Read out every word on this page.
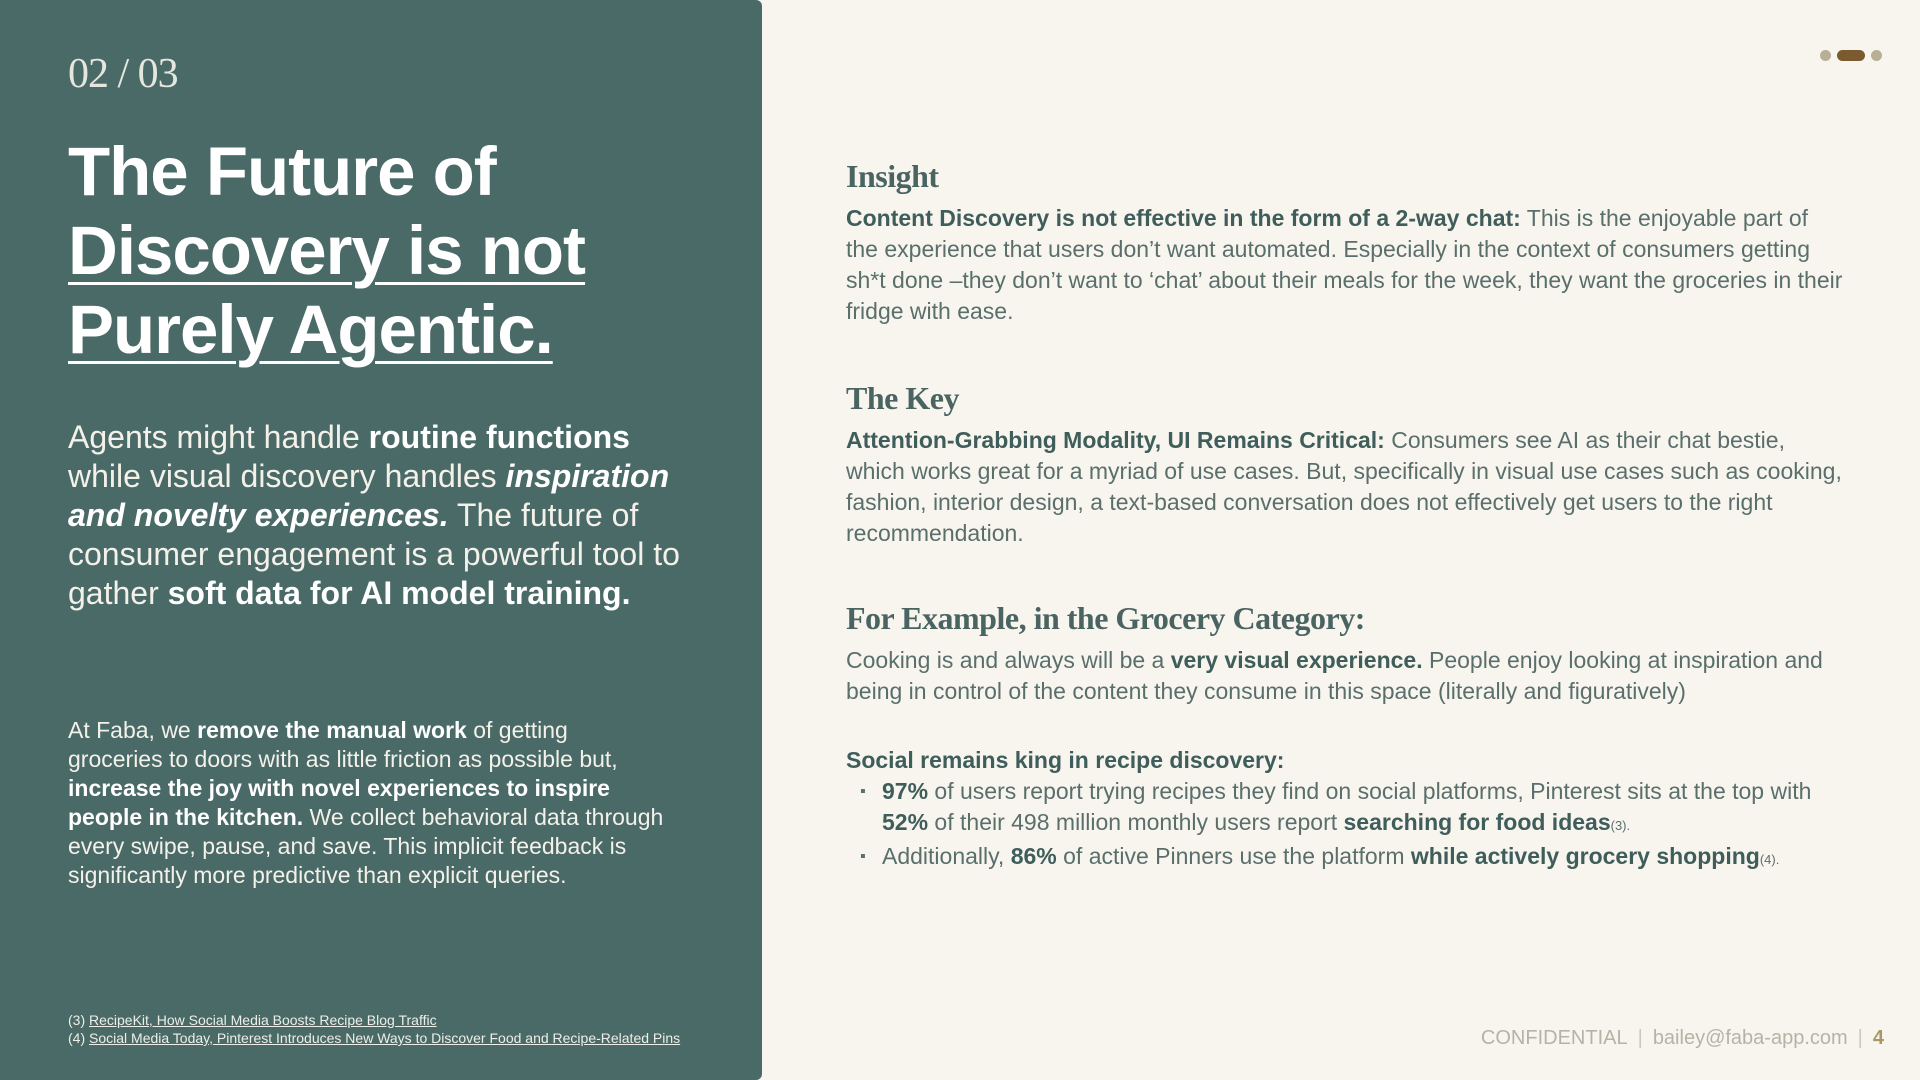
02 / 03
The Future of
Discovery is not
Purely Agentic.

Agents might handle routine functions while visual discovery handles inspiration and novelty experiences. The future of consumer engagement is a powerful tool to gather soft data for AI model training.

At Faba, we remove the manual work of getting groceries to doors with as little friction as possible but, increase the joy with novel experiences to inspire people in the kitchen. We collect behavioral data through every swipe, pause, and save. This implicit feedback is significantly more predictive than explicit queries.

(3) RecipeKit, How Social Media Boosts Recipe Blog Traffic
(4) Social Media Today, Pinterest Introduces New Ways to Discover Food and Recipe-Related Pins
Insight

Content Discovery is not effective in the form of a 2-way chat: This is the enjoyable part of the experience that users don’t want automated. Especially in the context of consumers getting sh*t done –they don’t want to ‘chat’ about their meals for the week, they want the groceries in their fridge with ease.

The Key

Attention-Grabbing Modality, UI Remains Critical: Consumers see AI as their chat bestie, which works great for a myriad of use cases. But, specifically in visual use cases such as cooking, fashion, interior design, a text-based conversation does not effectively get users to the right recommendation.

For Example, in the Grocery Category:

Cooking is and always will be a very visual experience. People enjoy looking at inspiration and being in control of the content they consume in this space (literally and figuratively)

Social remains king in recipe discovery:

▪ 97% of users report trying recipes they find on social platforms, Pinterest sits at the top with 52% of their 498 million monthly users report searching for food ideas(3).
▪ Additionally, 86% of active Pinners use the platform while actively grocery shopping(4).
CONFIDENTIAL | bailey@faba-app.com | 4
